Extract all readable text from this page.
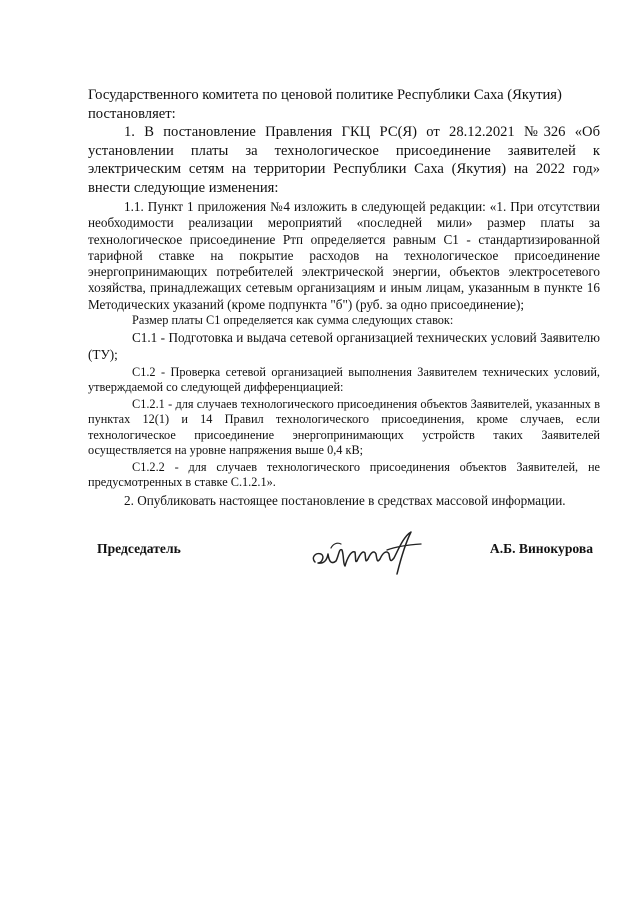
Государственного комитета по ценовой политике Республики Саха (Якутия)

постановляет:

1. В постановление Правления ГКЦ РС(Я) от 28.12.2021 №326 «Об установлении платы за технологическое присоединение заявителей к электрическим сетям на территории Республики Саха (Якутия) на 2022 год» внести следующие изменения:

1.1. Пункт 1 приложения №4 изложить в следующей редакции: «1. При отсутствии необходимости реализации мероприятий «последней мили» размер платы за технологическое присоединение Ртп определяется равным С1 - стандартизированной тарифной ставке на покрытие расходов на технологическое присоединение энергопринимающих потребителей электрической энергии, объектов электросетевого хозяйства, принадлежащих сетевым организациям и иным лицам, указанным в пункте 16 Методических указаний (кроме подпункта "б") (руб. за одно присоединение);

Размер платы С1 определяется как сумма следующих ставок:

С1.1 - Подготовка и выдача сетевой организацией технических условий Заявителю (ТУ);

С1.2 - Проверка сетевой организацией выполнения Заявителем технических условий, утверждаемой со следующей дифференциацией:

С1.2.1 - для случаев технологического присоединения объектов Заявителей, указанных в пунктах 12(1) и 14 Правил технологического присоединения, кроме случаев, если технологическое присоединение энергопринимающих устройств таких Заявителей осуществляется на уровне напряжения выше 0,4 кВ;

С1.2.2 - для случаев технологического присоединения объектов Заявителей, не предусмотренных в ставке С.1.2.1».

2. Опубликовать настоящее постановление в средствах массовой информации.

Председатель	А.Б. Винокурова
